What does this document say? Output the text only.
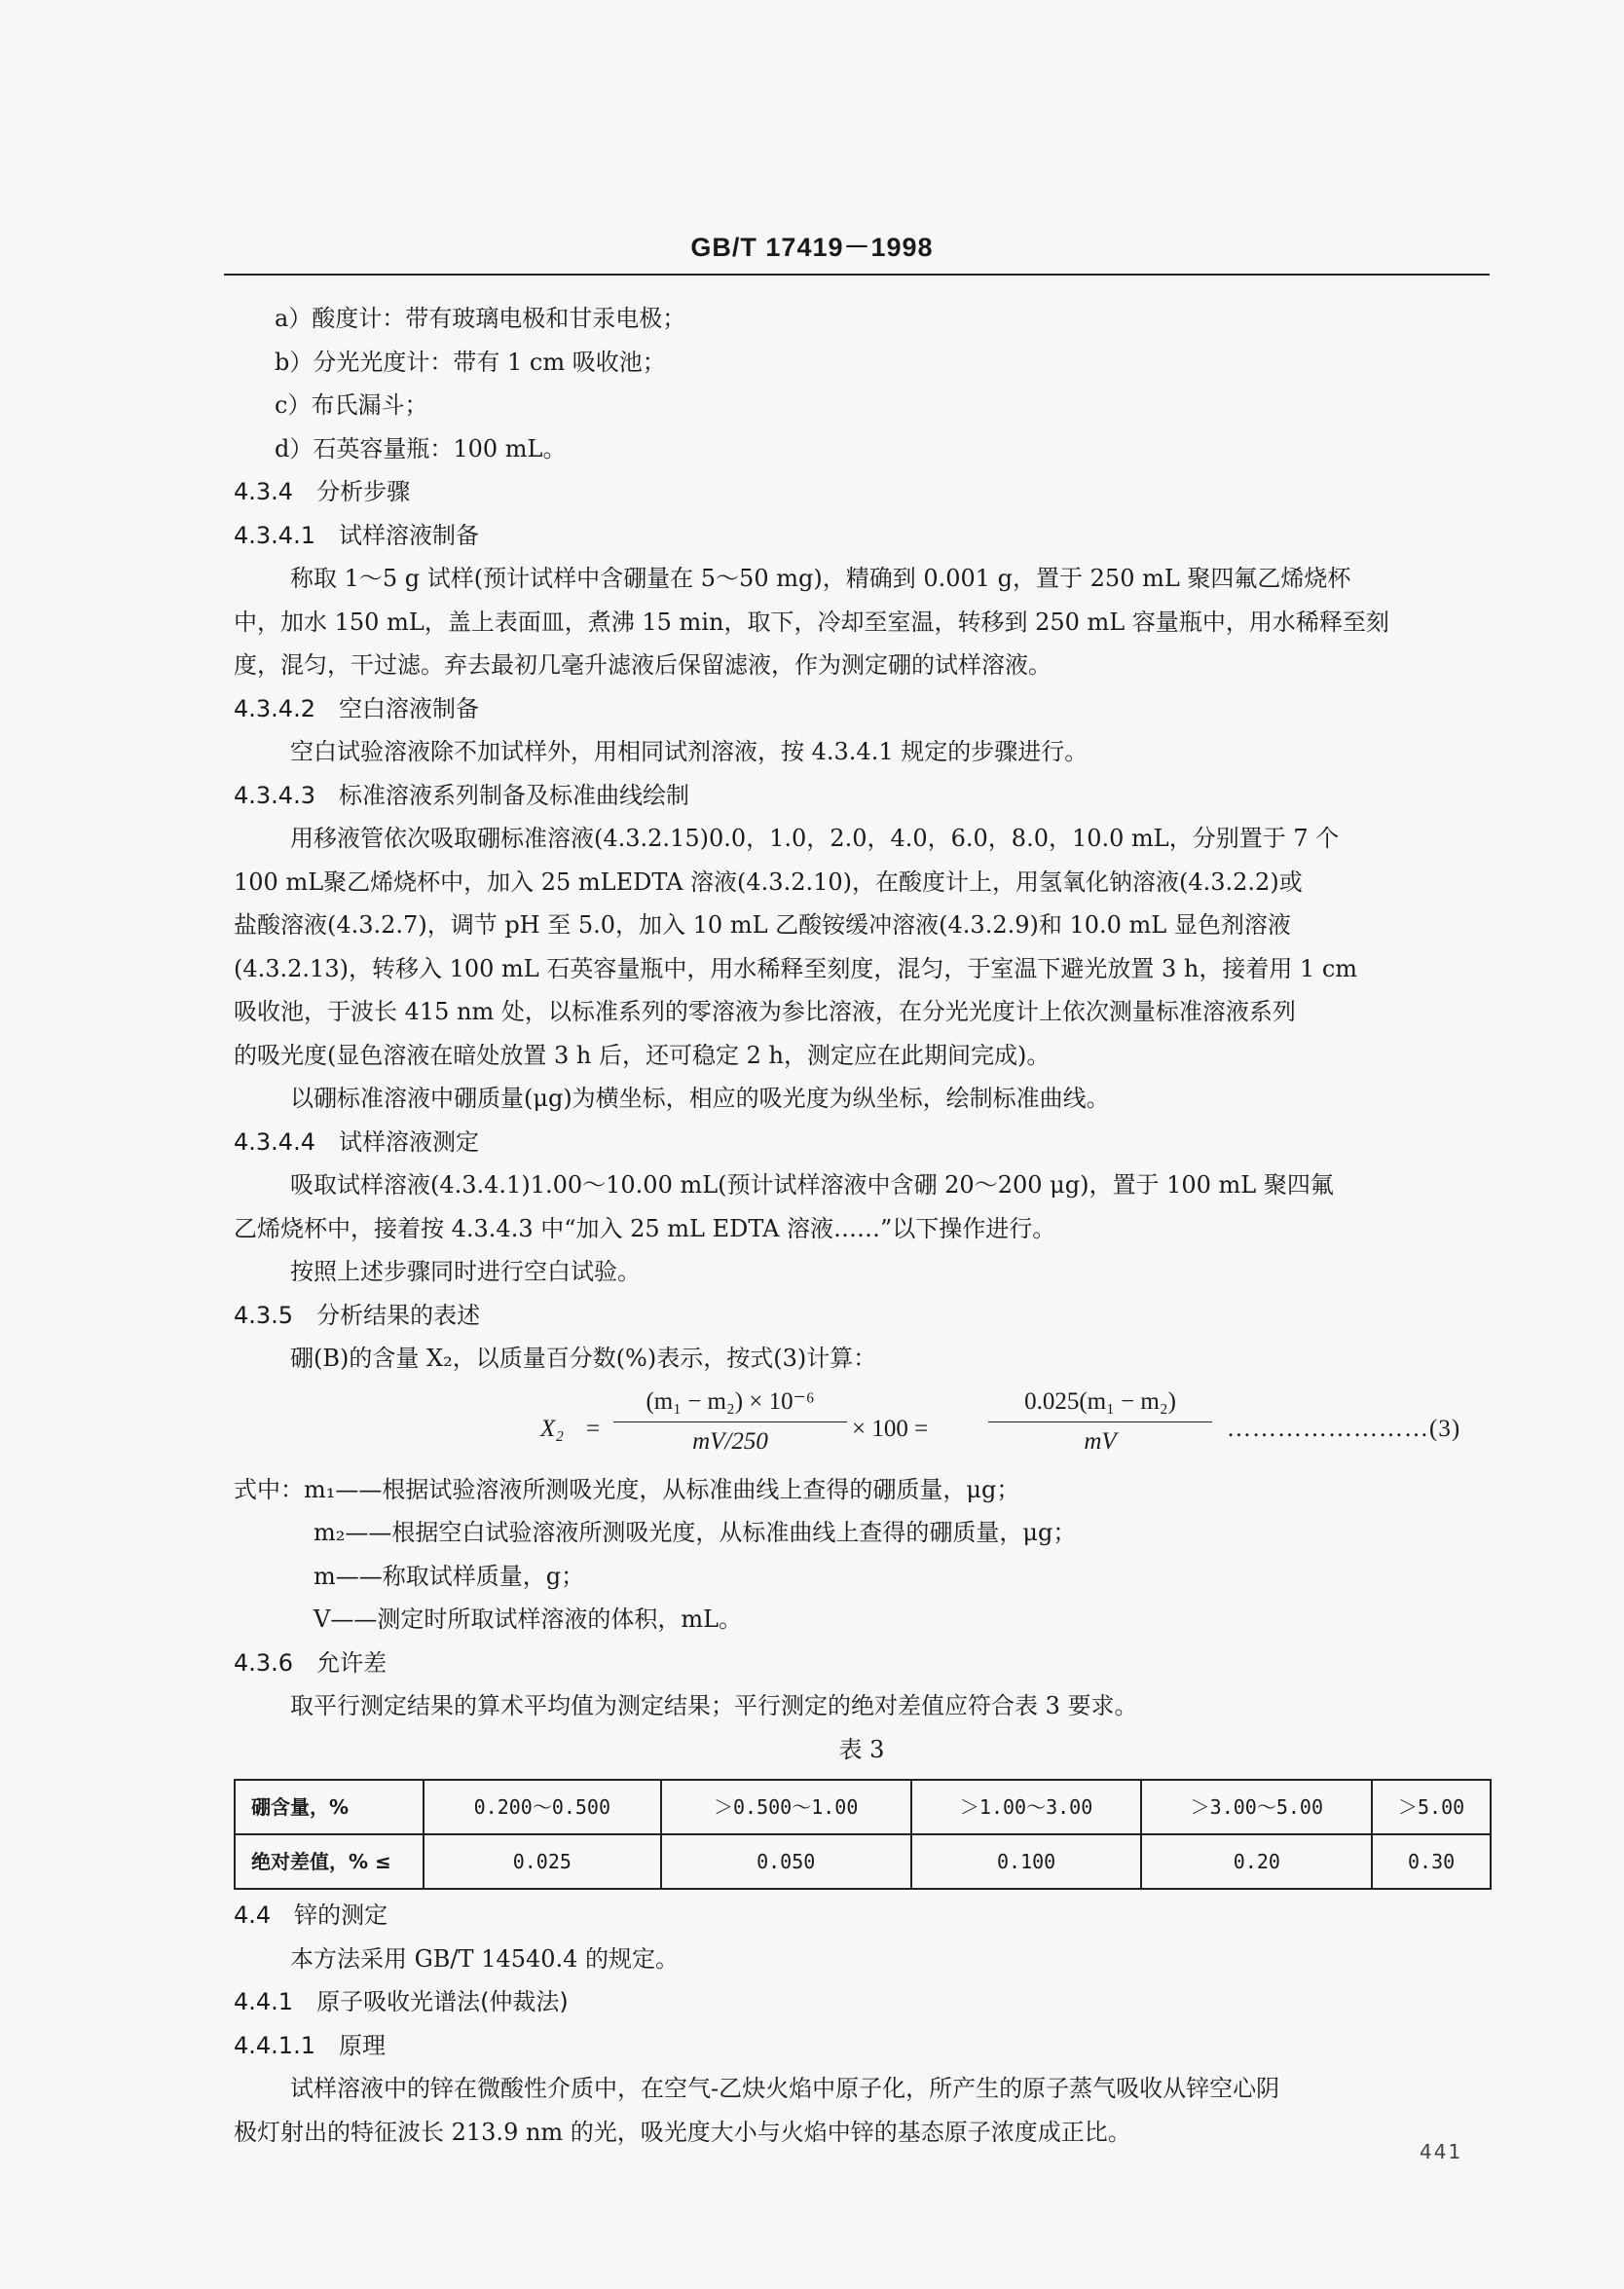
GB/T 17419－1998
a）酸度计：带有玻璃电极和甘汞电极；
b）分光光度计：带有 1 cm 吸收池；
c）布氏漏斗；
d）石英容量瓶：100 mL。
4.3.4　分析步骤
4.3.4.1　试样溶液制备
称取 1～5 g 试样(预计试样中含硼量在 5～50 mg)，精确到 0.001 g，置于 250 mL 聚四氟乙烯烧杯
中，加水 150 mL，盖上表面皿，煮沸 15 min，取下，冷却至室温，转移到 250 mL 容量瓶中，用水稀释至刻
度，混匀，干过滤。弃去最初几毫升滤液后保留滤液，作为测定硼的试样溶液。
4.3.4.2　空白溶液制备
空白试验溶液除不加试样外，用相同试剂溶液，按 4.3.4.1 规定的步骤进行。
4.3.4.3　标准溶液系列制备及标准曲线绘制
用移液管依次吸取硼标准溶液(4.3.2.15)0.0，1.0，2.0，4.0，6.0，8.0，10.0 mL，分别置于 7 个
100 mL聚乙烯烧杯中，加入 25 mLEDTA 溶液(4.3.2.10)，在酸度计上，用氢氧化钠溶液(4.3.2.2)或
盐酸溶液(4.3.2.7)，调节 pH 至 5.0，加入 10 mL 乙酸铵缓冲溶液(4.3.2.9)和 10.0 mL 显色剂溶液
(4.3.2.13)，转移入 100 mL 石英容量瓶中，用水稀释至刻度，混匀，于室温下避光放置 3 h，接着用 1 cm
吸收池，于波长 415 nm 处，以标准系列的零溶液为参比溶液，在分光光度计上依次测量标准溶液系列
的吸光度(显色溶液在暗处放置 3 h 后，还可稳定 2 h，测定应在此期间完成)。
以硼标准溶液中硼质量(μg)为横坐标，相应的吸光度为纵坐标，绘制标准曲线。
4.3.4.4　试样溶液测定
吸取试样溶液(4.3.4.1)1.00～10.00 mL(预计试样溶液中含硼 20～200 μg)，置于 100 mL 聚四氟
乙烯烧杯中，接着按 4.3.4.3 中“加入 25 mL EDTA 溶液……”以下操作进行。
按照上述步骤同时进行空白试验。
4.3.5　分析结果的表述
硼(B)的含量 X₂，以质量百分数(%)表示，按式(3)计算：
$X_2 = \frac{\text{(m₁ − m₂) × 10⁻⁶}}{mV/250} \times 100 = \frac{\text{0.025(m₁ − m₂)}}{mV}$ ……………………(3)
式中：m₁——根据试验溶液所测吸光度，从标准曲线上查得的硼质量，μg；
m₂——根据空白试验溶液所测吸光度，从标准曲线上查得的硼质量，μg；
m——称取试样质量，g；
V——测定时所取试样溶液的体积，mL。
4.3.6　允许差
取平行测定结果的算术平均值为测定结果；平行测定的绝对差值应符合表 3 要求。
表 3
硼含量，%	0.200～0.500	＞0.500～1.00	＞1.00～3.00	＞3.00～5.00	＞5.00
绝对差值，% ≤	0.025	0.050	0.100	0.20	0.30
4.4　锌的测定
本方法采用 GB/T 14540.4 的规定。
4.4.1　原子吸收光谱法(仲裁法)
4.4.1.1　原理
试样溶液中的锌在微酸性介质中，在空气-乙炔火焰中原子化，所产生的原子蒸气吸收从锌空心阴
极灯射出的特征波长 213.9 nm 的光，吸光度大小与火焰中锌的基态原子浓度成正比。
441
